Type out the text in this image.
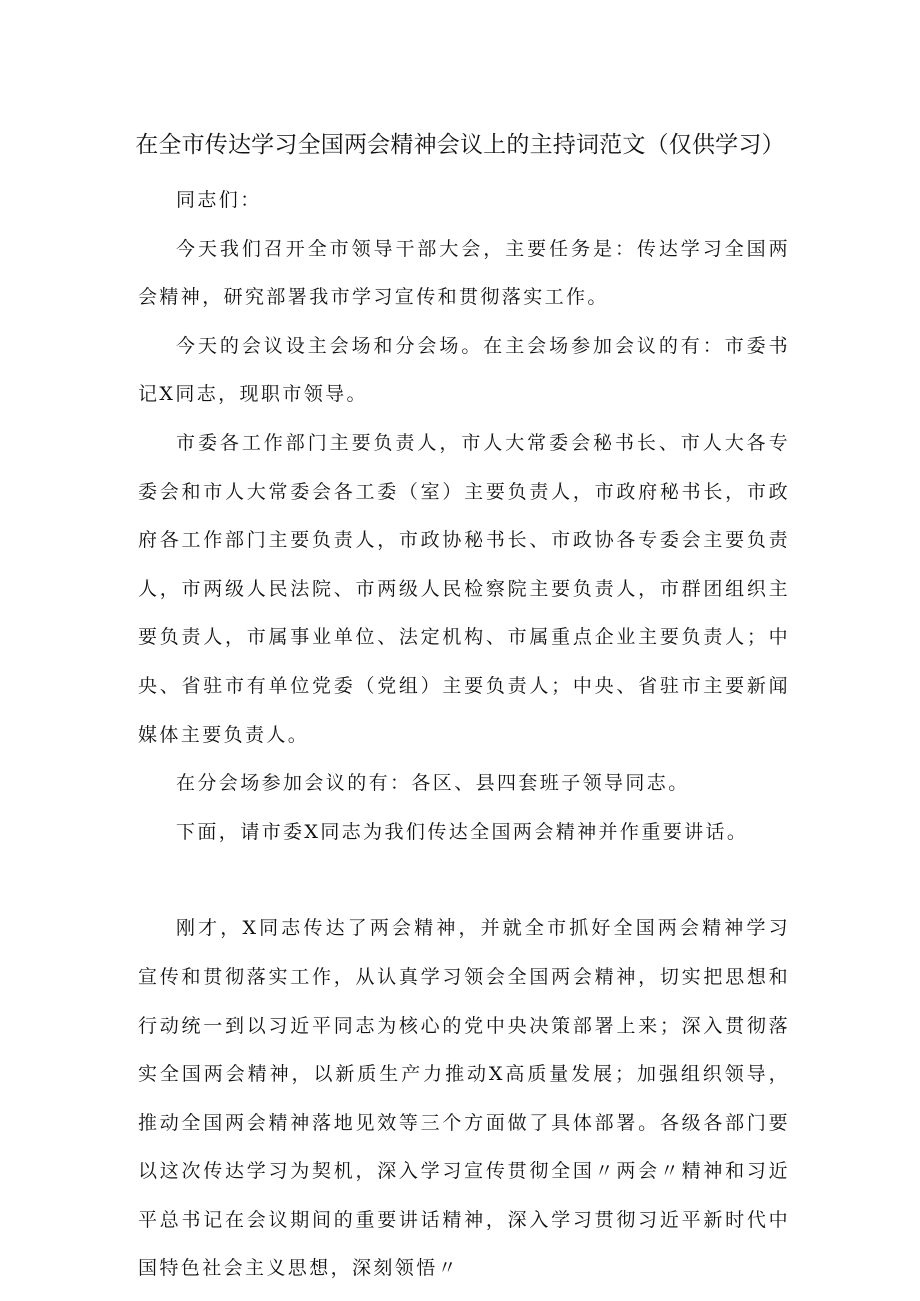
在全市传达学习全国两会精神会议上的主持词范文（仅供学习）

同志们：

今天我们召开全市领导干部大会，主要任务是：传达学习全国两会精神，研究部署我市学习宣传和贯彻落实工作。

今天的会议设主会场和分会场。在主会场参加会议的有：市委书记X同志，现职市领导。

市委各工作部门主要负责人，市人大常委会秘书长、市人大各专委会和市人大常委会各工委（室）主要负责人，市政府秘书长，市政府各工作部门主要负责人，市政协秘书长、市政协各专委会主要负责人，市两级人民法院、市两级人民检察院主要负责人，市群团组织主要负责人，市属事业单位、法定机构、市属重点企业主要负责人；中央、省驻市有单位党委（党组）主要负责人；中央、省驻市主要新闻媒体主要负责人。

在分会场参加会议的有：各区、县四套班子领导同志。

下面，请市委X同志为我们传达全国两会精神并作重要讲话。

刚才，X同志传达了两会精神，并就全市抓好全国两会精神学习宣传和贯彻落实工作，从认真学习领会全国两会精神，切实把思想和行动统一到以习近平同志为核心的党中央决策部署上来；深入贯彻落实全国两会精神，以新质生产力推动X高质量发展；加强组织领导，推动全国两会精神落地见效等三个方面做了具体部署。各级各部门要以这次传达学习为契机，深入学习宣传贯彻全国〃两会〃精神和习近平总书记在会议期间的重要讲话精神，深入学习贯彻习近平新时代中国特色社会主义思想，深刻领悟〃
